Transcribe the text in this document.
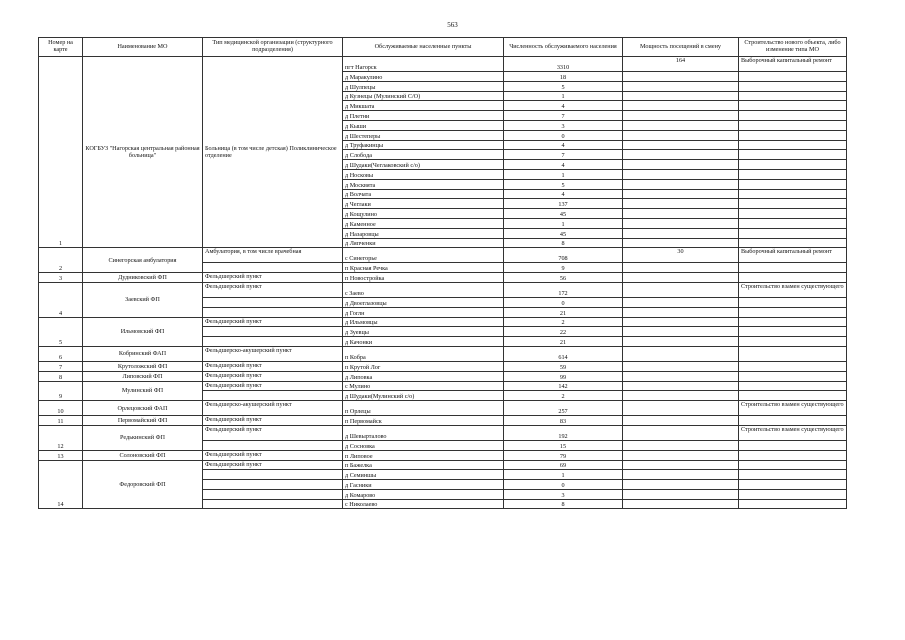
563
Номер на карте	Наименование МО	Тип медицинской организации (структурного подразделения)	Обслуживаемые населенные пункты	Численность обслуживаемого населения	Мощность посещений в смену	Строительство нового объекта, либо изменение типа МО
1	КОГБУЗ "Нагорская центральная районная больница"	Больница (в том числе детская) Поликлиническое отделение	пгт Нагорск	3310	164	Выборочный капитальный ремонт
			д Маракулино	18		
			д Шулпецы	5		
			д Кузнецы (Мулинский С/О)	1		
			д Микшата	4		
			д Плетни	7		
			д Кыши	3		
			д Шестеперы	0		
			д Труфакинцы	4		
			д Слобода	7		
			д Шудаки(Чеглаковский с/о)	4		
			д Носковы	1		
			д Москвята	5		
			д Волчата	4		
			д Чеглаки	137		
			д Кощулино	45		
			д Каменное	1		
			д Назаровцы	45		
			д Ляпченки	8		
2	Синегорская амбулатория	Амбулатория, в том числе врачебная	с Синегорье	708	30	Выборочный капитальный ремонт
			п Красная Речка	9		
3	Дудниковский ФП	Фельдшерский пункт	п Новостройка	56		
4	Заевский ФП	Фельдшерский пункт	с Заево	172		Строительство взамен существующего
			д Двоеглазовцы	0		
			д Гоглн	21		
5	Ильмовский ФП	Фельдшерский пункт	д Ильмовцы	2		
			д Зуевцы	22		
			д Качонки	21		
6	Кобринский ФАП	Фельдшерско-акушерский пункт	п Кобра	614		
7	Крутоложский ФП	Фельдшерский пункт	п Крутой Лог	59		
8	Липовский ФП	Фельдшерский пункт	д Липовка	99		
9	Мулинский ФП	Фельдшерский пункт	с Мулино	142		
			д Шудаки(Мулинский с/о)	2		
10	Орлецовский ФАП	Фельдшерско-акушерский пункт	п Орлецы	257		Строительство взамен существующего
11	Первомайский ФП	Фельдшерский пункт	п Первомайск	83		
12	Редькинский ФП	Фельдшерский пункт	д Шевырталово	192		Строительство взамен существующего
			д Сосновка	15		
13	Солоновский ФП	Фельдшерский пункт	п Липовое	79		
14	Федоровский ФП	Фельдшерский пункт	п Бажелка	69		
			д Семиншы	1		
			д Гасники	0		
			д Комарово	3		
			с Николаево	8		
